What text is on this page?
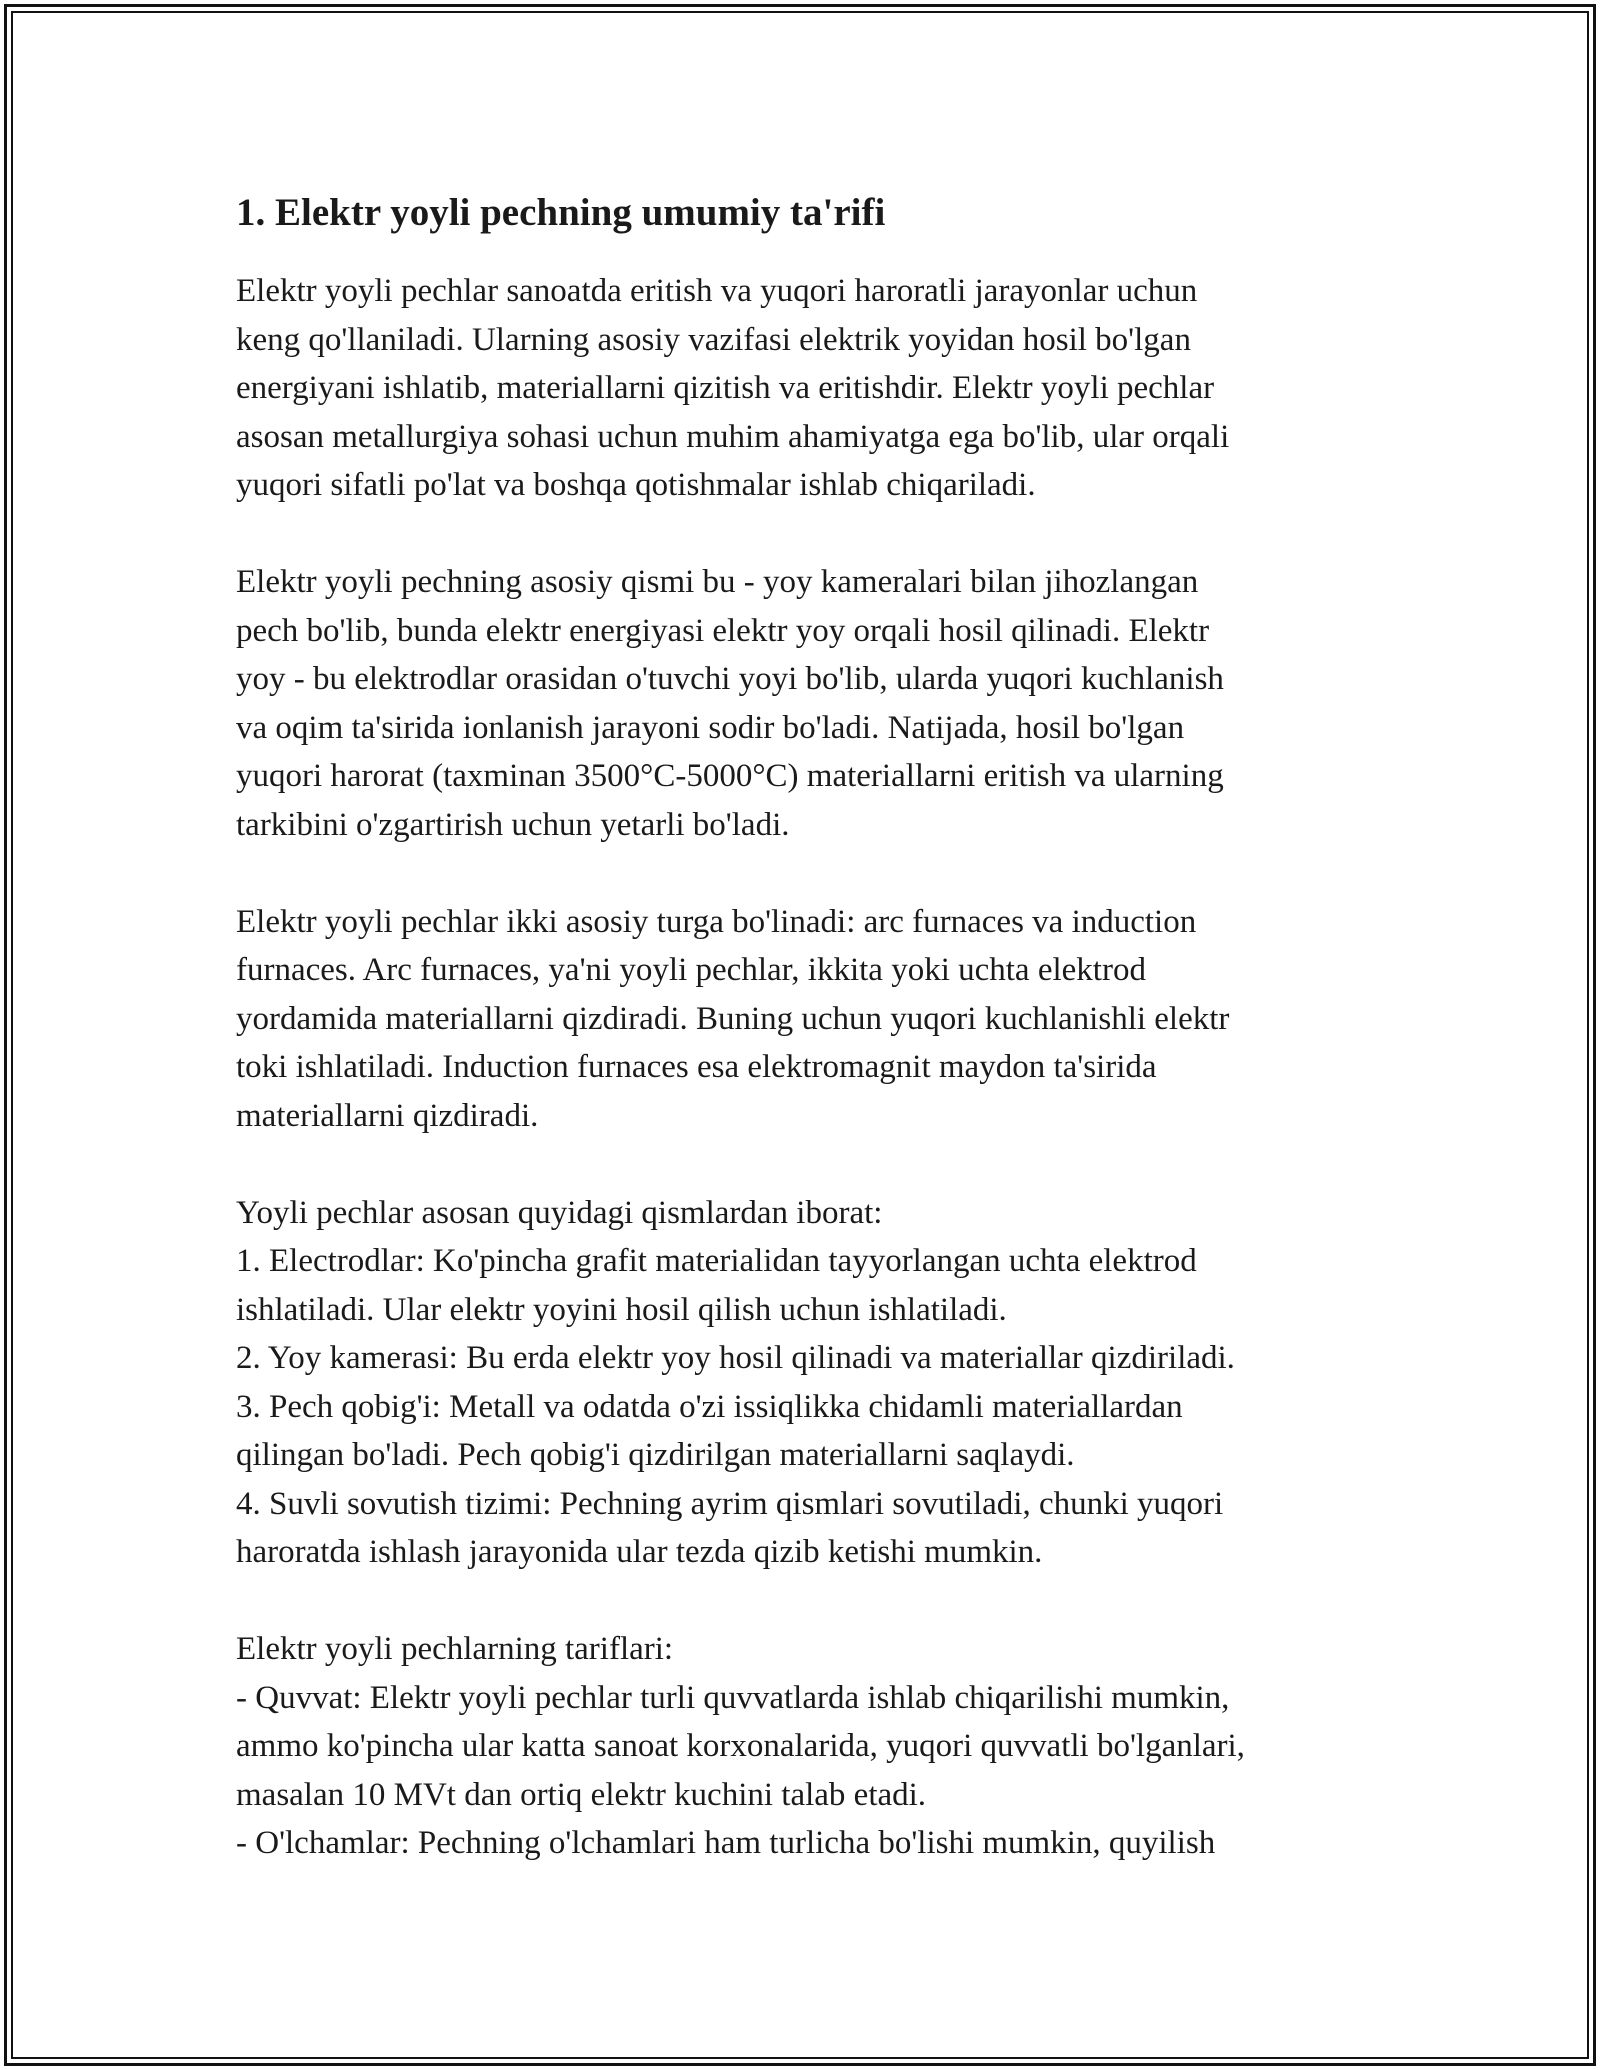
1. Elektr yoyli pechning umumiy ta'rifi
Elektr yoyli pechlar sanoatda eritish va yuqori haroratli jarayonlar uchun
keng qo'llaniladi. Ularning asosiy vazifasi elektrik yoyidan hosil bo'lgan
energiyani ishlatib, materiallarni qizitish va eritishdir. Elektr yoyli pechlar
asosan metallurgiya sohasi uchun muhim ahamiyatga ega bo'lib, ular orqali
yuqori sifatli po'lat va boshqa qotishmalar ishlab chiqariladi.
Elektr yoyli pechning asosiy qismi bu - yoy kameralari bilan jihozlangan
pech bo'lib, bunda elektr energiyasi elektr yoy orqali hosil qilinadi. Elektr
yoy - bu elektrodlar orasidan o'tuvchi yoyi bo'lib, ularda yuqori kuchlanish
va oqim ta'sirida ionlanish jarayoni sodir bo'ladi. Natijada, hosil bo'lgan
yuqori harorat (taxminan 3500°C-5000°C) materiallarni eritish va ularning
tarkibini o'zgartirish uchun yetarli bo'ladi.
Elektr yoyli pechlar ikki asosiy turga bo'linadi: arc furnaces va induction
furnaces. Arc furnaces, ya'ni yoyli pechlar, ikkita yoki uchta elektrod
yordamida materiallarni qizdiradi. Buning uchun yuqori kuchlanishli elektr
toki ishlatiladi. Induction furnaces esa elektromagnit maydon ta'sirida
materiallarni qizdiradi.
Yoyli pechlar asosan quyidagi qismlardan iborat:
1. Electrodlar: Ko'pincha grafit materialidan tayyorlangan uchta elektrod
ishlatiladi. Ular elektr yoyini hosil qilish uchun ishlatiladi.
2. Yoy kamerasi: Bu erda elektr yoy hosil qilinadi va materiallar qizdiriladi.
3. Pech qobig'i: Metall va odatda o'zi issiqlikka chidamli materiallardan
qilingan bo'ladi. Pech qobig'i qizdirilgan materiallarni saqlaydi.
4. Suvli sovutish tizimi: Pechning ayrim qismlari sovutiladi, chunki yuqori
haroratda ishlash jarayonida ular tezda qizib ketishi mumkin.
Elektr yoyli pechlarning tariflari:
- Quvvat: Elektr yoyli pechlar turli quvvatlarda ishlab chiqarilishi mumkin,
ammo ko'pincha ular katta sanoat korxonalarida, yuqori quvvatli bo'lganlari,
masalan 10 MVt dan ortiq elektr kuchini talab etadi.
- O'lchamlar: Pechning o'lchamlari ham turlicha bo'lishi mumkin, quyilish
